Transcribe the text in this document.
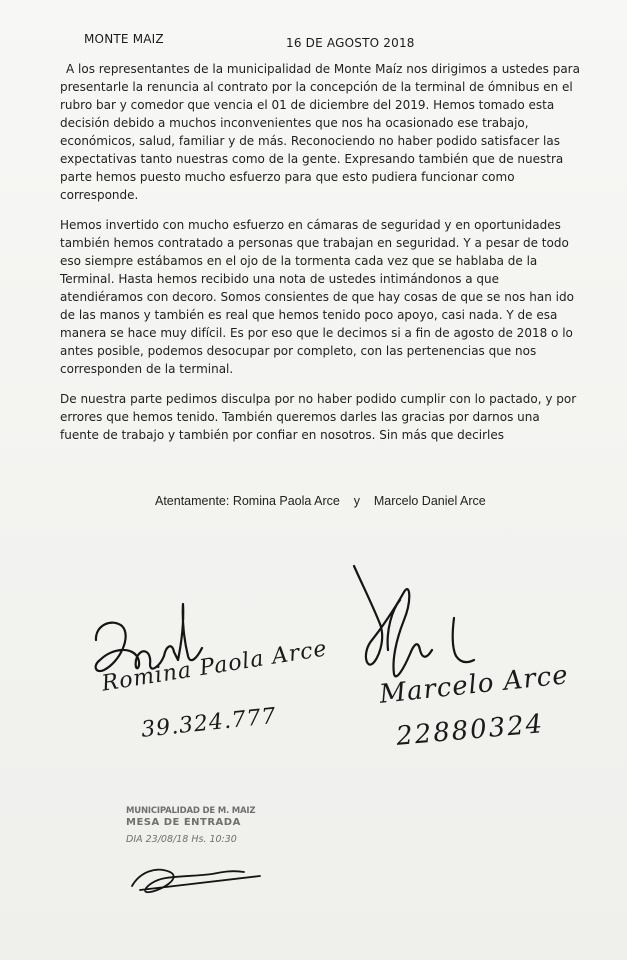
MONTE MAIZ	16 DE AGOSTO 2018

A los representantes de la municipalidad de Monte Maíz nos dirigimos a ustedes para presentarle la renuncia al contrato por la concepción de la terminal de ómnibus en el rubro bar y comedor que vencia el 01 de diciembre del 2019. Hemos tomado esta decisión debido a muchos inconvenientes que nos ha ocasionado ese trabajo, económicos, salud, familiar y de más. Reconociendo no haber podido satisfacer las expectativas tanto nuestras como de la gente. Expresando también que de nuestra parte hemos puesto mucho esfuerzo para que esto pudiera funcionar como corresponde.

Hemos invertido con mucho esfuerzo en cámaras de seguridad y en oportunidades también hemos contratado a personas que trabajan en seguridad. Y a pesar de todo eso siempre estábamos en el ojo de la tormenta cada vez que se hablaba de la Terminal. Hasta hemos recibido una nota de ustedes intimándonos a que atendiéramos con decoro. Somos consientes de que hay cosas de que se nos han ido de las manos y también es real que hemos tenido poco apoyo, casi nada. Y de esa manera se hace muy difícil. Es por eso que le decimos si a fin de agosto de 2018 o lo antes posible, podemos desocupar por completo, con las pertenencias que nos corresponden de la terminal.

De nuestra parte pedimos disculpa por no haber podido cumplir con lo pactado, y por errores que hemos tenido. También queremos darles las gracias por darnos una fuente de trabajo y también por confiar en nosotros. Sin más que decirles

Atentamente: Romina Paola Arce    y    Marcelo Daniel Arce
Romina Paola Arce
39.324.777
Marcelo Arce
22880324
MUNICIPALIDAD DE M. MAIZ
MESA DE ENTRADA
DIA 23/08/18 Hs. 10:30
